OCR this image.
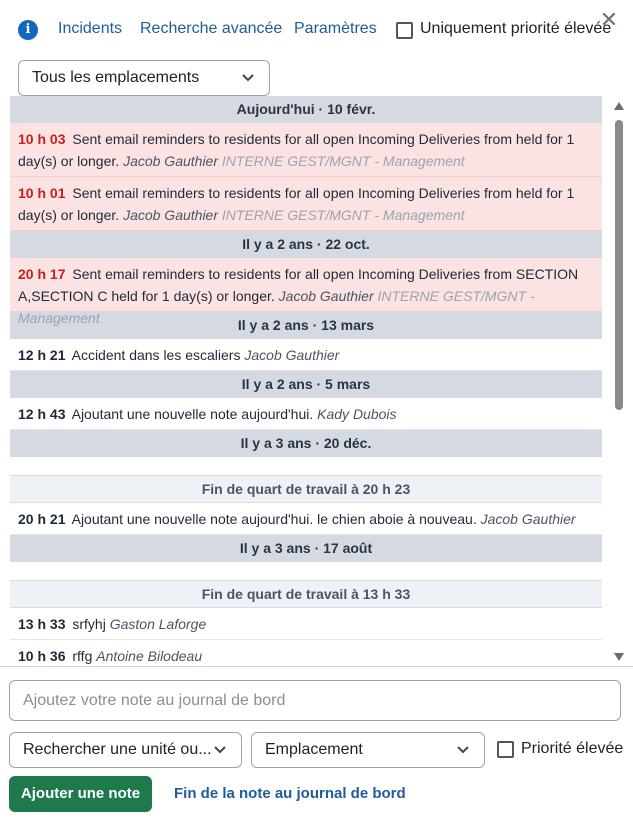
i	Incidents Recherche avancée Paramètres	Uniquement priorité élevée
✕
Tous les emplacements
Aujourd'hui · 10 févr.
10 h 03 Sent email reminders to residents for all open Incoming Deliveries from held for 1 day(s) or longer. Jacob Gauthier INTERNE GEST/MGNT - Management
10 h 01 Sent email reminders to residents for all open Incoming Deliveries from held for 1 day(s) or longer. Jacob Gauthier INTERNE GEST/MGNT - Management
Il y a 2 ans · 22 oct.
20 h 17 Sent email reminders to residents for all open Incoming Deliveries from SECTION A,SECTION C held for 1 day(s) or longer. Jacob Gauthier INTERNE GEST/MGNT - Management	Il y a 2 ans · 13 mars
12 h 21 Accident dans les escaliers Jacob Gauthier
Il y a 2 ans · 5 mars
12 h 43 Ajoutant une nouvelle note aujourd'hui. Kady Dubois
Il y a 3 ans · 20 déc.
Fin de quart de travail à 20 h 23
20 h 21 Ajoutant une nouvelle note aujourd'hui. le chien aboie à nouveau. Jacob Gauthier
Il y a 3 ans · 17 août
Fin de quart de travail à 13 h 33
13 h 33 srfyhj Gaston Laforge
10 h 36 rffg Antoine Bilodeau
Ajoutez votre note au journal de bord
Rechercher une unité ou...	Emplacement	Priorité élevée
Ajouter une note	Fin de la note au journal de bord
